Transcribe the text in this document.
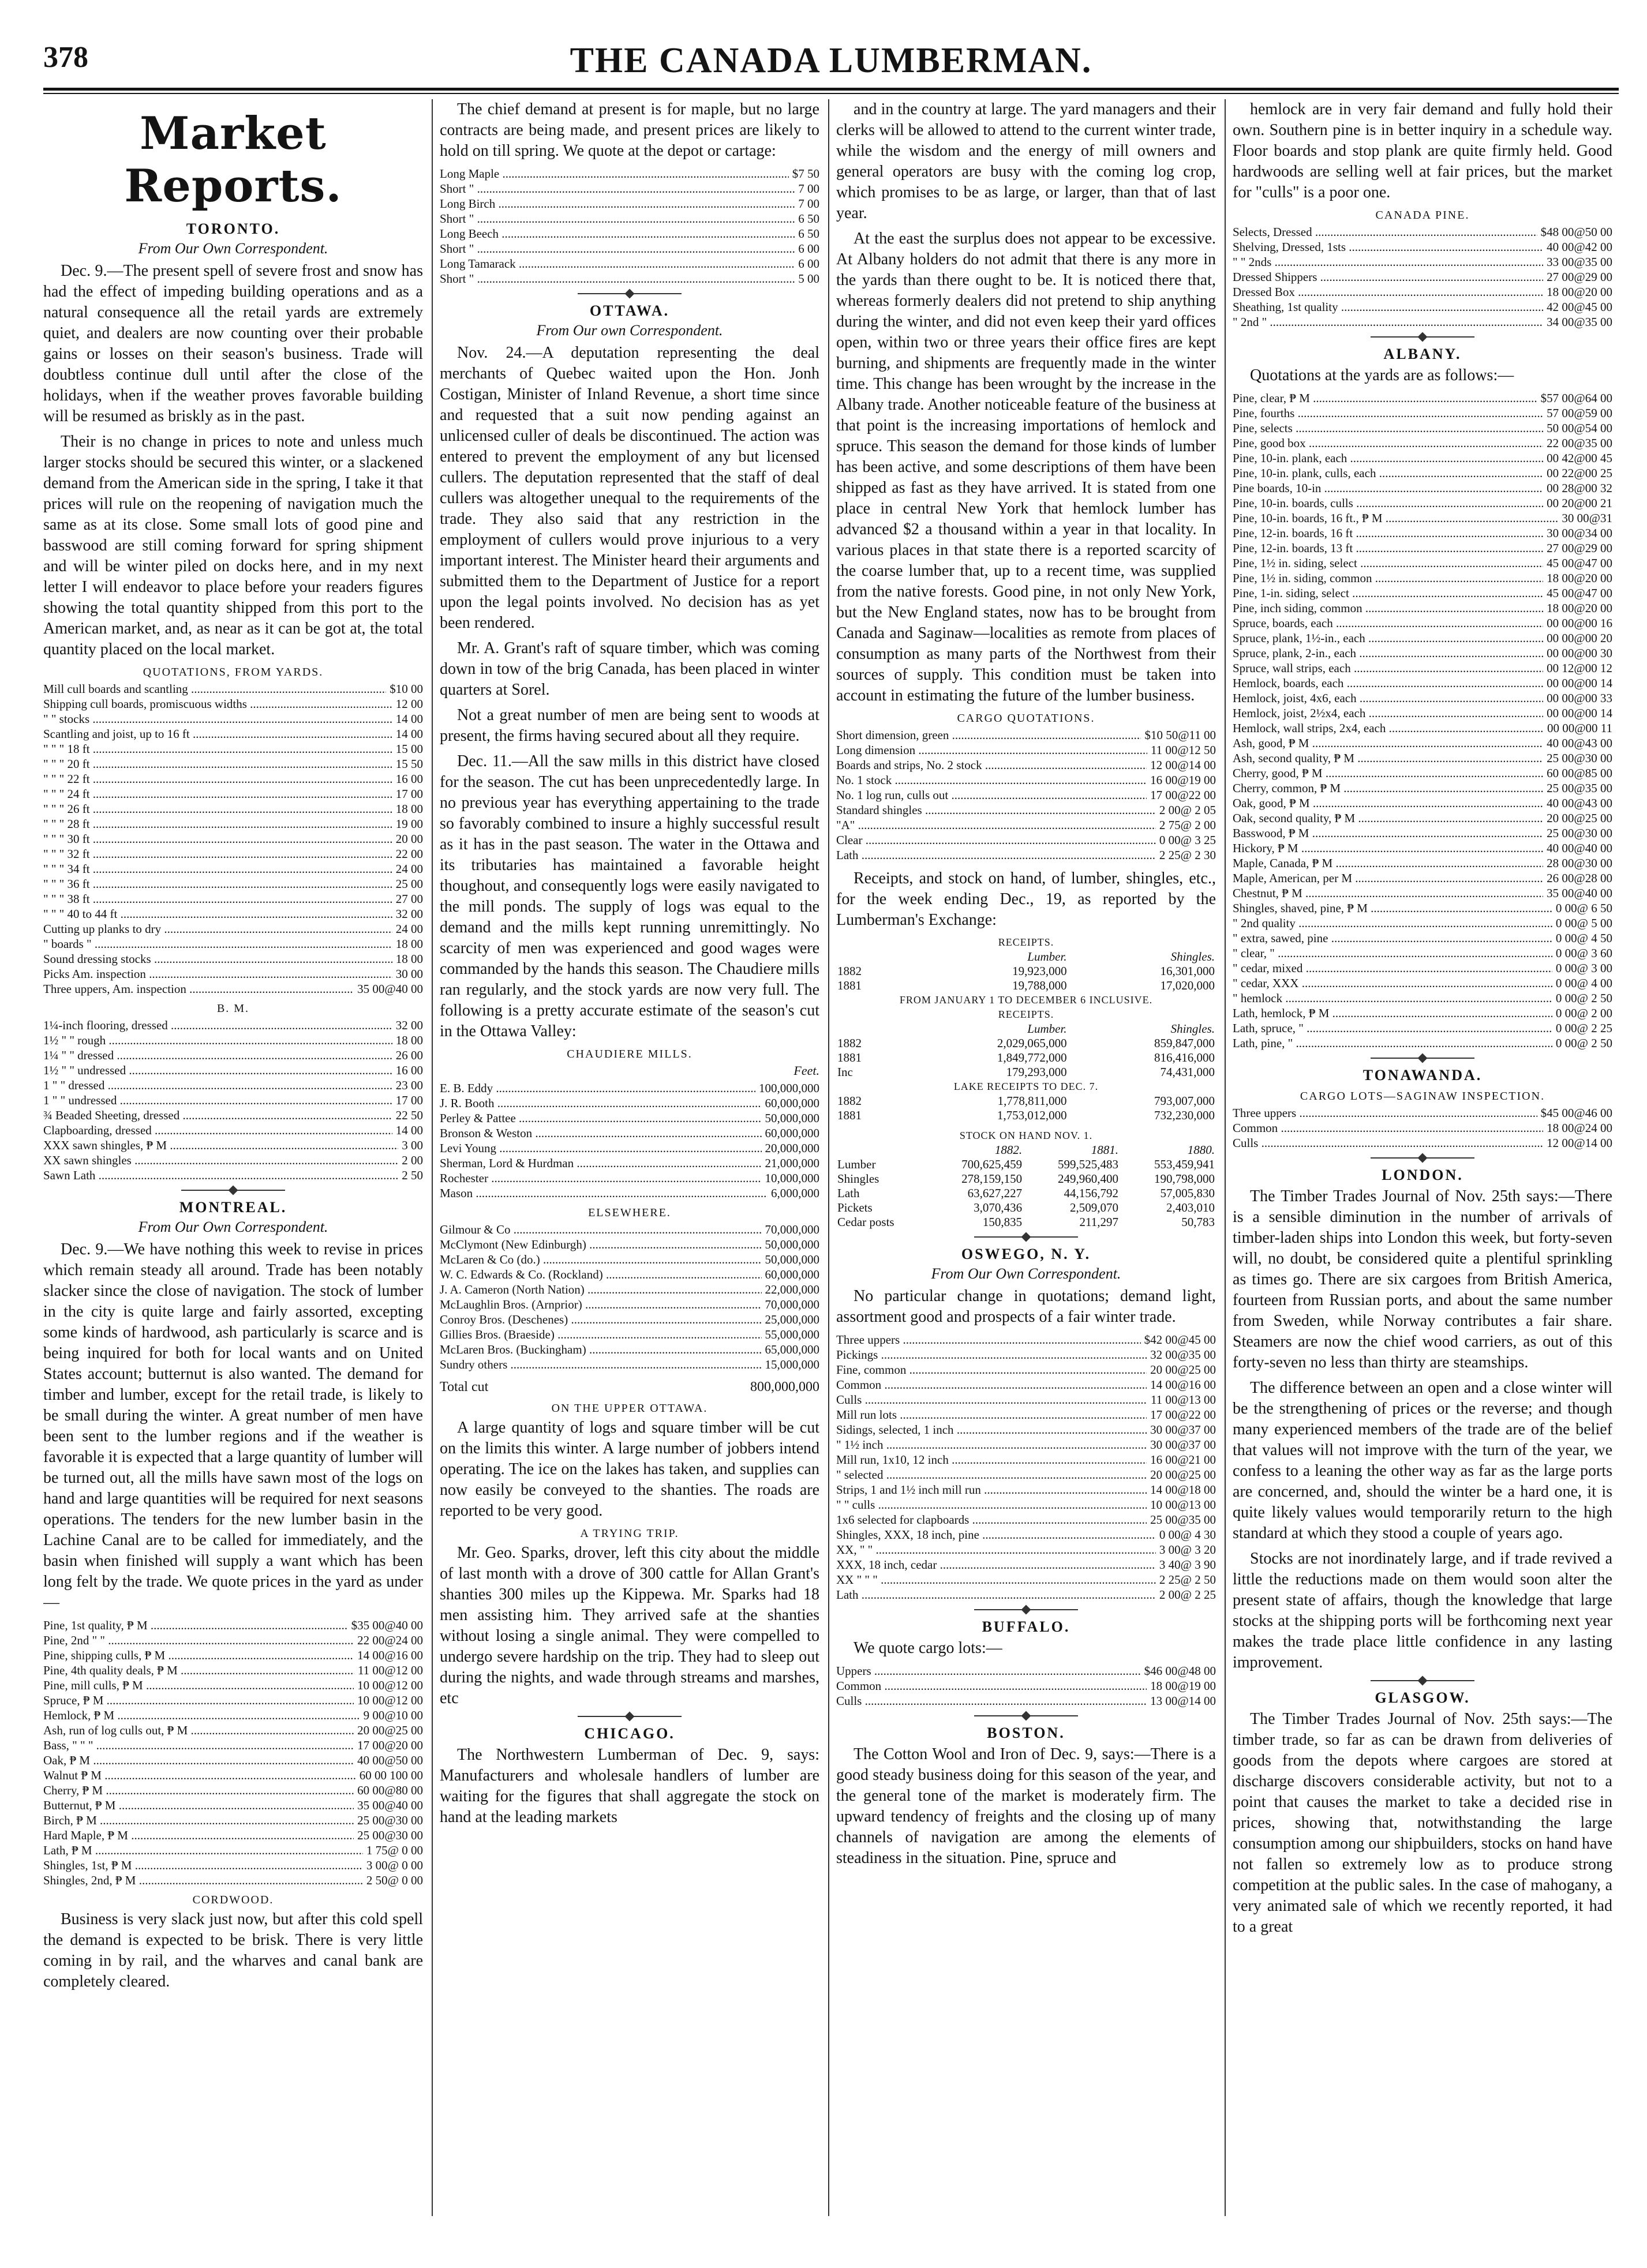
378	THE CANADA LUMBERMAN.
Market Reports.
TORONTO.
From Our Own Correspondent.

Dec. 9.—The present spell of severe frost and snow has had the effect of impeding building operations and as a natural consequence all the retail yards are extremely quiet, and dealers are now counting over their probable gains or losses on their season's business. Trade will doubtless continue dull until after the close of the holidays, when if the weather proves favorable building will be resumed as briskly as in the past.

Their is no change in prices to note and unless much larger stocks should be secured this winter, or a slackened demand from the American side in the spring, I take it that prices will rule on the reopening of navigation much the same as at its close. Some small lots of good pine and basswood are still coming forward for spring shipment and will be winter piled on docks here, and in my next letter I will endeavor to place before your readers figures showing the total quantity shipped from this port to the American market, and, as near as it can be got at, the total quantity placed on the local market.

QUOTATIONS, FROM YARDS.
Mill cull boards and scantling .....	$10 00
Shipping cull boards, promiscuous widths .....	12 00
" " stocks .....	14 00
Scantling and joist, up to 16 ft .....	14 00
" " " 18 ft .....	15 00
" " " 20 ft .....	15 50
" " " 22 ft .....	16 00
" " " 24 ft .....	17 00
" " " 26 ft .....	18 00
" " " 28 ft .....	19 00
" " " 30 ft .....	20 00
" " " 32 ft .....	22 00
" " " 34 ft .....	24 00
" " " 36 ft .....	25 00
" " " 38 ft .....	27 00
" " " 40 to 44 ft .....	32 00
Cutting up planks to dry .....	24 00
" boards " .....	18 00
Sound dressing stocks .....	18 00
Picks Am. inspection .....	30 00
Three uppers, Am. inspection .....	35 00@40 00
B. M.
1¼-inch flooring, dressed .....	32 00
1½ " " rough .....	18 00
1¼ " " dressed .....	26 00
1½ " " undressed .....	16 00
1 " " dressed .....	23 00
1 " " undressed .....	17 00
¾ Beaded Sheeting, dressed .....	22 50
Clapboarding, dressed .....	14 00
XXX sawn shingles, ₱ M .....	3 00
XX sawn shingles .....	2 00
Sawn Lath .....	2 50
MONTREAL.
From Our Own Correspondent.

Dec. 9.—We have nothing this week to revise in prices which remain steady all around. Trade has been notably slacker since the close of navigation. The stock of lumber in the city is quite large and fairly assorted, excepting some kinds of hardwood, ash particularly is scarce and is being inquired for both for local wants and on United States account; butternut is also wanted. The demand for timber and lumber, except for the retail trade, is likely to be small during the winter. A great number of men have been sent to the lumber regions and if the weather is favorable it is expected that a large quantity of lumber will be turned out, all the mills have sawn most of the logs on hand and large quantities will be required for next seasons operations. The tenders for the new lumber basin in the Lachine Canal are to be called for immediately, and the basin when finished will supply a want which has been long felt by the trade. We quote prices in the yard as under—

Pine, 1st quality, ₱ M .....	$35 00@40 00
Pine, 2nd " " .....	22 00@24 00
Pine, shipping culls, ₱ M .....	14 00@16 00
Pine, 4th quality deals, ₱ M .....	11 00@12 00
Pine, mill culls, ₱ M .....	10 00@12 00
Spruce, ₱ M .....	10 00@12 00
Hemlock, ₱ M .....	9 00@10 00
Ash, run of log culls out, ₱ M .....	20 00@25 00
Bass, " " " .....	17 00@20 00
Oak, ₱ M .....	40 00@50 00
Walnut ₱ M .....	60 00 100 00
Cherry, ₱ M .....	60 00@80 00
Butternut, ₱ M .....	35 00@40 00
Birch, ₱ M .....	25 00@30 00
Hard Maple, ₱ M .....	25 00@30 00
Lath, ₱ M .....	1 75@ 0 00
Shingles, 1st, ₱ M .....	3 00@ 0 00
Shingles, 2nd, ₱ M .....	2 50@ 0 00
CORDWOOD.

Business is very slack just now, but after this cold spell the demand is expected to be brisk. There is very little coming in by rail, and the wharves and canal bank are completely cleared.

The chief demand at present is for maple, but no large contracts are being made, and present prices are likely to hold on till spring. We quote at the depot or cartage:

Long Maple .....	$7 50
Short " .....	7 00
Long Birch .....	7 00
Short " .....	6 50
Long Beech .....	6 50
Short " .....	6 00
Long Tamarack .....	6 00
Short " .....	5 00
OTTAWA.
From Our own Correspondent.

Nov. 24.—A deputation representing the deal merchants of Quebec waited upon the Hon. Jonh Costigan, Minister of Inland Revenue, a short time since and requested that a suit now pending against an unlicensed culler of deals be discontinued. The action was entered to prevent the employment of any but licensed cullers. The deputation represented that the staff of deal cullers was altogether unequal to the requirements of the trade. They also said that any restriction in the employment of cullers would prove injurious to a very important interest. The Minister heard their arguments and submitted them to the Department of Justice for a report upon the legal points involved. No decision has as yet been rendered.

Mr. A. Grant's raft of square timber, which was coming down in tow of the brig Canada, has been placed in winter quarters at Sorel.

Not a great number of men are being sent to woods at present, the firms having secured about all they require.

Dec. 11.—All the saw mills in this district have closed for the season. The cut has been unprecedentedly large. In no previous year has everything appertaining to the trade so favorably combined to insure a highly successful result as it has in the past season. The water in the Ottawa and its tributaries has maintained a favorable height thoughout, and consequently logs were easily navigated to the mill ponds. The supply of logs was equal to the demand and the mills kept running unremittingly. No scarcity of men was experienced and good wages were commanded by the hands this season. The Chaudiere mills ran regularly, and the stock yards are now very full. The following is a pretty accurate estimate of the season's cut in the Ottawa Valley:

CHAUDIERE MILLS.
Feet.
E. B. Eddy .....	100,000,000
J. R. Booth .....	60,000,000
Perley & Pattee .....	50,000,000
Bronson & Weston .....	60,000,000
Levi Young .....	20,000,000
Sherman, Lord & Hurdman .....	21,000,000
Rochester .....	10,000,000
Mason .....	6,000,000
ELSEWHERE.
Gilmour & Co .....	70,000,000
McClymont (New Edinburgh) .....	50,000,000
McLaren & Co (do.) .....	50,000,000
W. C. Edwards & Co. (Rockland) .....	60,000,000
J. A. Cameron (North Nation) .....	22,000,000
McLaughlin Bros. (Arnprior) .....	70,000,000
Conroy Bros. (Deschenes) .....	25,000,000
Gillies Bros. (Braeside) .....	55,000,000
McLaren Bros. (Buckingham) .....	65,000,000
Sundry others .....	15,000,000
Total cut	800,000,000
ON THE UPPER OTTAWA.

A large quantity of logs and square timber will be cut on the limits this winter. A large number of jobbers intend operating. The ice on the lakes has taken, and supplies can now easily be conveyed to the shanties. The roads are reported to be very good.

A TRYING TRIP.

Mr. Geo. Sparks, drover, left this city about the middle of last month with a drove of 300 cattle for Allan Grant's shanties 300 miles up the Kippewa. Mr. Sparks had 18 men assisting him. They arrived safe at the shanties without losing a single animal. They were compelled to undergo severe hardship on the trip. They had to sleep out during the nights, and wade through streams and marshes, etc

CHICAGO.

The Northwestern Lumberman of Dec. 9, says: Manufacturers and wholesale handlers of lumber are waiting for the figures that shall aggregate the stock on hand at the leading markets

and in the country at large. The yard managers and their clerks will be allowed to attend to the current winter trade, while the wisdom and the energy of mill owners and general operators are busy with the coming log crop, which promises to be as large, or larger, than that of last year.

At the east the surplus does not appear to be excessive. At Albany holders do not admit that there is any more in the yards than there ought to be. It is noticed there that, whereas formerly dealers did not pretend to ship anything during the winter, and did not even keep their yard offices open, within two or three years their office fires are kept burning, and shipments are frequently made in the winter time. This change has been wrought by the increase in the Albany trade. Another noticeable feature of the business at that point is the increasing importations of hemlock and spruce. This season the demand for those kinds of lumber has been active, and some descriptions of them have been shipped as fast as they have arrived. It is stated from one place in central New York that hemlock lumber has advanced $2 a thousand within a year in that locality. In various places in that state there is a reported scarcity of the coarse lumber that, up to a recent time, was supplied from the native forests. Good pine, in not only New York, but the New England states, now has to be brought from Canada and Saginaw—localities as remote from places of consumption as many parts of the Northwest from their sources of supply. This condition must be taken into account in estimating the future of the lumber business.

CARGO QUOTATIONS.
Short dimension, green .....	$10 50@11 00
Long dimension .....	11 00@12 50
Boards and strips, No. 2 stock .....	12 00@14 00
No. 1 stock .....	16 00@19 00
No. 1 log run, culls out .....	17 00@22 00
Standard shingles .....	2 00@ 2 05
"A" .....	2 75@ 2 00
Clear .....	0 00@ 3 25
Lath .....	2 25@ 2 30

Receipts, and stock on hand, of lumber, shingles, etc., for the week ending Dec., 19, as reported by the Lumberman's Exchange:

RECEIPTS.		
	Lumber.	Shingles.
1882	19,923,000	16,301,000
1881	19,788,000	17,020,000
FROM JANUARY 1 TO DECEMBER 6 INCLUSIVE.		
RECEIPTS.		
	Lumber.	Shingles.
1882	2,029,065,000	859,847,000
1881	1,849,772,000	816,416,000
Inc	179,293,000	74,431,000
LAKE RECEIPTS TO DEC. 7.		
1882	1,778,811,000	793,007,000
1881	1,753,012,000	732,230,000
STOCK ON HAND NOV. 1.			
	1882.	1881.	1880.
Lumber	700,625,459	599,525,483	553,459,941
Shingles	278,159,150	249,960,400	190,798,000
Lath	63,627,227	44,156,792	57,005,830
Pickets	3,070,436	2,509,070	2,403,010
Cedar posts	150,835	211,297	50,783
OSWEGO, N. Y.
From Our Own Correspondent.

No particular change in quotations; demand light, assortment good and prospects of a fair winter trade.

Three uppers .....	$42 00@45 00
Pickings .....	32 00@35 00
Fine, common .....	20 00@25 00
Common .....	14 00@16 00
Culls .....	11 00@13 00
Mill run lots .....	17 00@22 00
Sidings, selected, 1 inch .....	30 00@37 00
" 1½ inch .....	30 00@37 00
Mill run, 1x10, 12 inch .....	16 00@21 00
" selected .....	20 00@25 00
Strips, 1 and 1½ inch mill run .....	14 00@18 00
" " culls .....	10 00@13 00
1x6 selected for clapboards .....	25 00@35 00
Shingles, XXX, 18 inch, pine .....	0 00@ 4 30
XX, " " .....	3 00@ 3 20
XXX, 18 inch, cedar .....	3 40@ 3 90
XX " " " .....	2 25@ 2 50
Lath .....	2 00@ 2 25
BUFFALO.

We quote cargo lots:—

Uppers .....	$46 00@48 00
Common .....	18 00@19 00
Culls .....	13 00@14 00
BOSTON.

The Cotton Wool and Iron of Dec. 9, says:—There is a good steady business doing for this season of the year, and the general tone of the market is moderately firm. The upward tendency of freights and the closing up of many channels of navigation are among the elements of steadiness in the situation. Pine, spruce and

hemlock are in very fair demand and fully hold their own. Southern pine is in better inquiry in a schedule way. Floor boards and stop plank are quite firmly held. Good hardwoods are selling well at fair prices, but the market for "culls" is a poor one.

CANADA PINE.
Selects, Dressed .....	$48 00@50 00
Shelving, Dressed, 1sts .....	40 00@42 00
" " 2nds .....	33 00@35 00
Dressed Shippers .....	27 00@29 00
Dressed Box .....	18 00@20 00
Sheathing, 1st quality .....	42 00@45 00
" 2nd " .....	34 00@35 00
ALBANY.

Quotations at the yards are as follows:—

Pine, clear, ₱ M .....	$57 00@64 00
Pine, fourths .....	57 00@59 00
Pine, selects .....	50 00@54 00
Pine, good box .....	22 00@35 00
Pine, 10-in. plank, each .....	00 42@00 45
Pine, 10-in. plank, culls, each .....	00 22@00 25
Pine boards, 10-in .....	00 28@00 32
Pine, 10-in. boards, culls .....	00 20@00 21
Pine, 10-in. boards, 16 ft., ₱ M .....	30 00@31
Pine, 12-in. boards, 16 ft .....	30 00@34 00
Pine, 12-in. boards, 13 ft .....	27 00@29 00
Pine, 1½ in. siding, select .....	45 00@47 00
Pine, 1½ in. siding, common .....	18 00@20 00
Pine, 1-in. siding, select .....	45 00@47 00
Pine, inch siding, common .....	18 00@20 00
Spruce, boards, each .....	00 00@00 16
Spruce, plank, 1½-in., each .....	00 00@00 20
Spruce, plank, 2-in., each .....	00 00@00 30
Spruce, wall strips, each .....	00 12@00 12
Hemlock, boards, each .....	00 00@00 14
Hemlock, joist, 4x6, each .....	00 00@00 33
Hemlock, joist, 2½x4, each .....	00 00@00 14
Hemlock, wall strips, 2x4, each .....	00 00@00 11
Ash, good, ₱ M .....	40 00@43 00
Ash, second quality, ₱ M .....	25 00@30 00
Cherry, good, ₱ M .....	60 00@85 00
Cherry, common, ₱ M .....	25 00@35 00
Oak, good, ₱ M .....	40 00@43 00
Oak, second quality, ₱ M .....	20 00@25 00
Basswood, ₱ M .....	25 00@30 00
Hickory, ₱ M .....	40 00@40 00
Maple, Canada, ₱ M .....	28 00@30 00
Maple, American, per M .....	26 00@28 00
Chestnut, ₱ M .....	35 00@40 00
Shingles, shaved, pine, ₱ M .....	0 00@ 6 50
" 2nd quality .....	0 00@ 5 00
" extra, sawed, pine .....	0 00@ 4 50
" clear, " .....	0 00@ 3 60
" cedar, mixed .....	0 00@ 3 00
" cedar, XXX .....	0 00@ 4 00
" hemlock .....	0 00@ 2 50
Lath, hemlock, ₱ M .....	0 00@ 2 00
Lath, spruce, " .....	0 00@ 2 25
Lath, pine, " .....	0 00@ 2 50
TONAWANDA.
CARGO LOTS—SAGINAW INSPECTION.
Three uppers .....	$45 00@46 00
Common .....	18 00@24 00
Culls .....	12 00@14 00
LONDON.

The Timber Trades Journal of Nov. 25th says:—There is a sensible diminution in the number of arrivals of timber-laden ships into London this week, but forty-seven will, no doubt, be considered quite a plentiful sprinkling as times go. There are six cargoes from British America, fourteen from Russian ports, and about the same number from Sweden, while Norway contributes a fair share. Steamers are now the chief wood carriers, as out of this forty-seven no less than thirty are steamships.

The difference between an open and a close winter will be the strengthening of prices or the reverse; and though many experienced members of the trade are of the belief that values will not improve with the turn of the year, we confess to a leaning the other way as far as the large ports are concerned, and, should the winter be a hard one, it is quite likely values would temporarily return to the high standard at which they stood a couple of years ago.

Stocks are not inordinately large, and if trade revived a little the reductions made on them would soon alter the present state of affairs, though the knowledge that large stocks at the shipping ports will be forthcoming next year makes the trade place little confidence in any lasting improvement.

GLASGOW.

The Timber Trades Journal of Nov. 25th says:—The timber trade, so far as can be drawn from deliveries of goods from the depots where cargoes are stored at discharge discovers considerable activity, but not to a point that causes the market to take a decided rise in prices, showing that, notwithstanding the large consumption among our shipbuilders, stocks on hand have not fallen so extremely low as to produce strong competition at the public sales. In the case of mahogany, a very animated sale of which we recently reported, it had to a great
